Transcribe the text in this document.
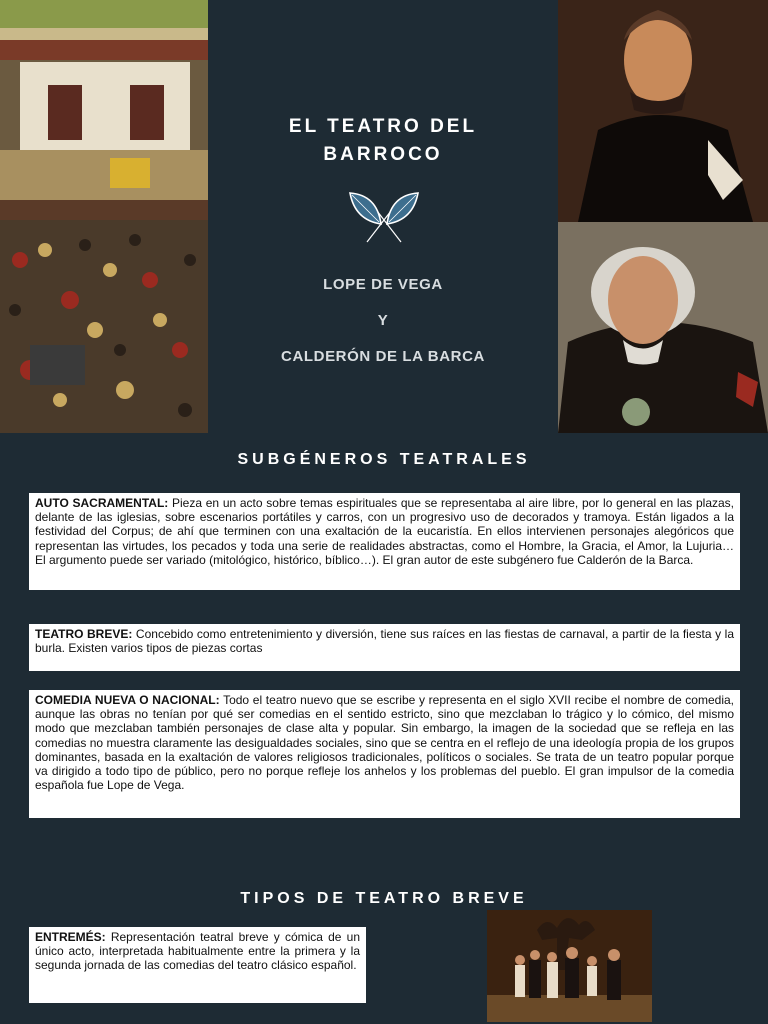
EL TEATRO DEL
BARROCO
LOPE DE VEGA
Y
CALDERÓN DE LA BARCA
SUBGÉNEROS TEATRALES
AUTO SACRAMENTAL: Pieza en un acto sobre temas espirituales que se representaba al aire libre, por lo general en las plazas, delante de las iglesias, sobre escenarios portátiles y carros, con un progresivo uso de decorados y tramoya. Están ligados a la festividad del Corpus; de ahí que terminen con una exaltación de la eucaristía. En ellos intervienen personajes alegóricos que representan las virtudes, los pecados y toda una serie de realidades abstractas, como el Hombre, la Gracia, el Amor, la Lujuria… El argumento puede ser variado (mitológico, histórico, bíblico…). El gran autor de este subgénero fue Calderón de la Barca.
TEATRO BREVE: Concebido como entretenimiento y diversión, tiene sus raíces en las fiestas de carnaval, a partir de la fiesta y la burla. Existen varios tipos de piezas cortas
COMEDIA NUEVA O NACIONAL: Todo el teatro nuevo que se escribe y representa en el siglo XVII recibe el nombre de comedia, aunque las obras no tenían por qué ser comedias en el sentido estricto, sino que mezclaban lo trágico y lo cómico, del mismo modo que mezclaban también personajes de clase alta y popular. Sin embargo, la imagen de la sociedad que se refleja en las comedias no muestra claramente las desigualdades sociales, sino que se centra en el reflejo de una ideología propia de los grupos dominantes, basada en la exaltación de valores religiosos tradicionales, políticos o sociales. Se trata de un teatro popular porque va dirigido a todo tipo de público, pero no porque refleje los anhelos y los problemas del pueblo. El gran impulsor de la comedia española fue Lope de Vega.
TIPOS DE TEATRO BREVE
ENTREMÉS: Representación teatral breve y cómica de un único acto, interpretada habitualmente entre la primera y la segunda jornada de las comedias del teatro clásico español.
